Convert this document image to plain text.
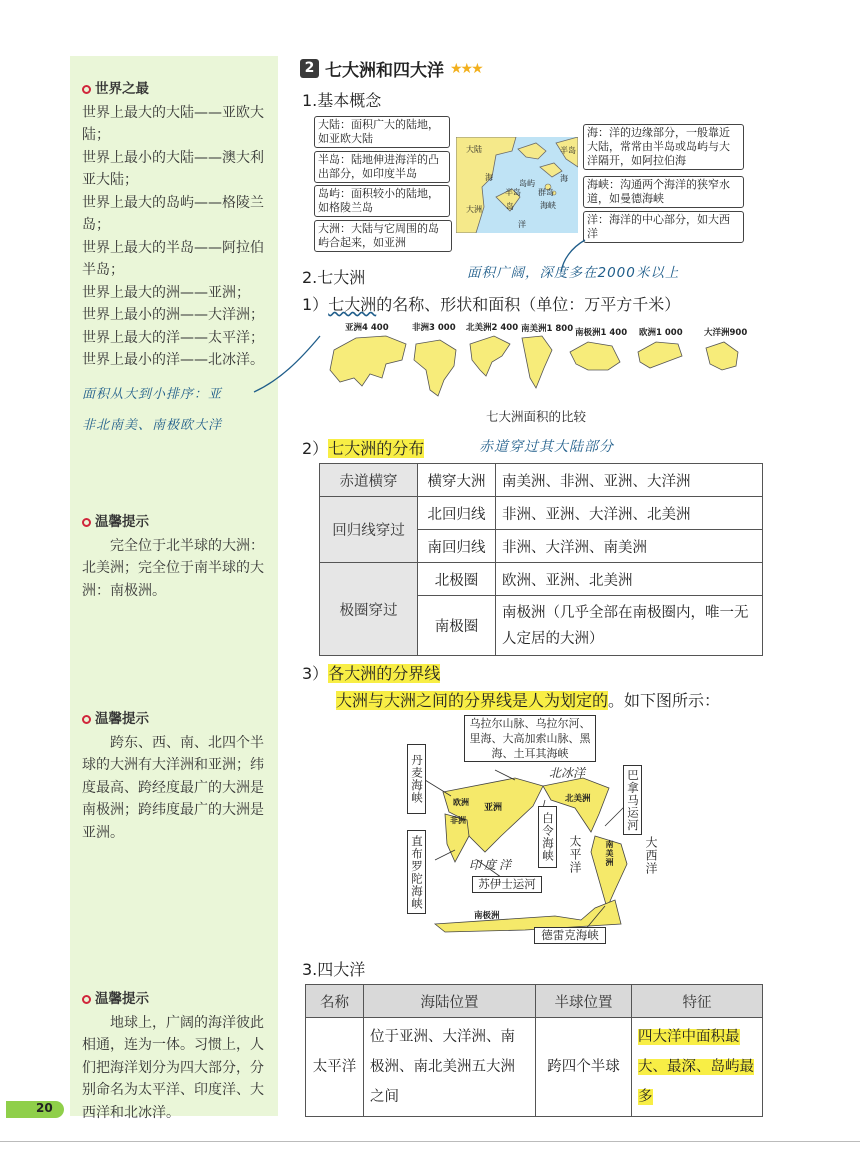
世界之最
世界上最大的大陆——亚欧大陆；
世界上最小的大陆——澳大利亚大陆；
世界上最大的岛屿——格陵兰岛；
世界上最大的半岛——阿拉伯半岛；
世界上最大的洲——亚洲；
世界上最小的洲——大洋洲；
世界上最大的洋——太平洋；
世界上最小的洋——北冰洋。
面积从大到小排序：亚
非北南美、南极欧大洋
温馨提示
完全位于北半球的大洲：北美洲；完全位于南半球的大洲：南极洲。
温馨提示
跨东、西、南、北四个半球的大洲有大洋洲和亚洲；纬度最高、跨经度最广的大洲是南极洲；跨纬度最广的大洲是亚洲。
温馨提示
地球上，广阔的海洋彼此相通，连为一体。习惯上，人们把海洋划分为四大部分，分别命名为太平洋、印度洋、大西洋和北冰洋。
20
2 七大洲和四大洋 ★★★
1.基本概念
大陆：面积广大的陆地，如亚欧大陆
半岛：陆地伸进海洋的凸出部分，如印度半岛
岛屿：面积较小的陆地，如格陵兰岛
大洲：大陆与它周围的岛屿合起来，如亚洲
大陆	半岛
岛屿
海
半岛 群岛
海
大洲	海峡
洋
岛
海：洋的边缘部分，一般靠近大陆，常常由半岛或岛屿与大洋隔开，如阿拉伯海
海峡：沟通两个海洋的狭窄水道，如曼德海峡
洋：海洋的中心部分，如大西洋
面积广阔，深度多在2000米以上
2.七大洲
1）七大洲的名称、形状和面积（单位：万平方千米）
亚洲4 400	非洲3 000 北美洲2 400 南美洲1 800 南极洲1 400 欧洲1 000	大洋洲900
七大洲面积的比较
2）七大洲的分布	赤道穿过其大陆部分
赤道横穿	横穿大洲	南美洲、非洲、亚洲、大洋洲
回归线穿过	北回归线	非洲、亚洲、大洋洲、北美洲
	南回归线	非洲、大洋洲、南美洲
极圈穿过	北极圈	欧洲、亚洲、北美洲
	南极圈	南极洲（几乎全部在南极圈内，唯一无人定居的大洲）
3）各大洲的分界线
大洲与大洲之间的分界线是人为划定的。如下图所示：
乌拉尔山脉、乌拉尔河、里海、大高加索山脉、黑海、土耳其海峡
丹麦海峡
直布罗陀海峡	苏伊士运河
白令海峡
巴拿马运河
德雷克海峡
北冰洋
太平洋	大西洋
印度洋
欧洲
亚洲
非洲
北美洲
南美洲
南极洲
3.四大洋
名称	海陆位置	半球位置	特征
太平洋	位于亚洲、大洋洲、南极洲、南北美洲五大洲之间	跨四个半球	四大洋中面积最大、最深、岛屿最多
